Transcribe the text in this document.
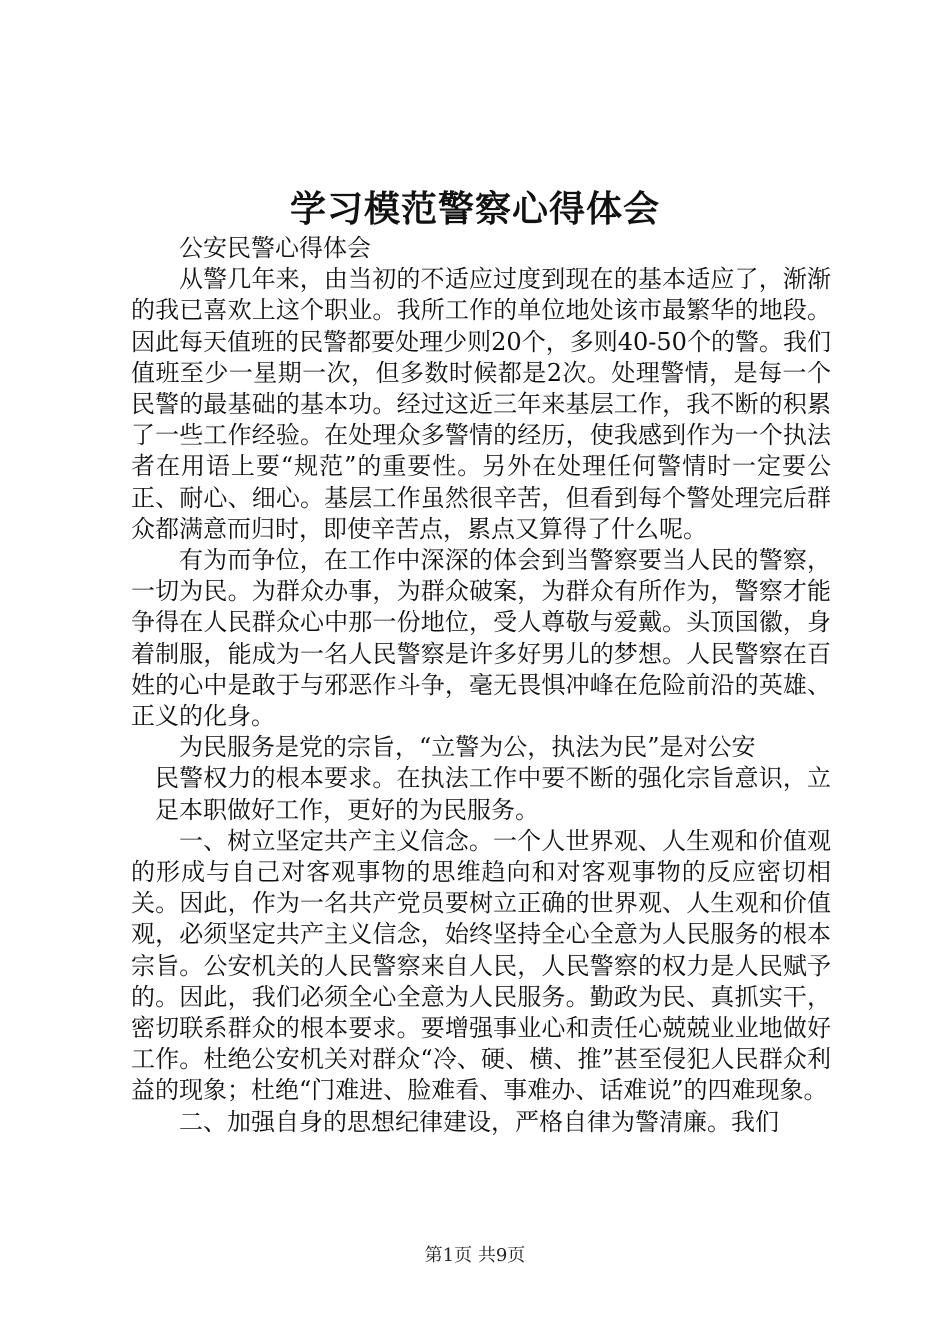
学习模范警察心得体会

公安民警心得体会

从警几年来，由当初的不适应过度到现在的基本适应了，渐渐的我已喜欢上这个职业。我所工作的单位地处该市最繁华的地段。因此每天值班的民警都要处理少则20个，多则40-50个的警。我们值班至少一星期一次，但多数时候都是2次。处理警情，是每一个民警的最基础的基本功。经过这近三年来基层工作，我不断的积累了一些工作经验。在处理众多警情的经历，使我感到作为一个执法者在用语上要“规范”的重要性。另外在处理任何警情时一定要公正、耐心、细心。基层工作虽然很辛苦，但看到每个警处理完后群众都满意而归时，即使辛苦点，累点又算得了什么呢。

有为而争位，在工作中深深的体会到当警察要当人民的警察，一切为民。为群众办事，为群众破案，为群众有所作为，警察才能争得在人民群众心中那一份地位，受人尊敬与爱戴。头顶国徽，身着制服，能成为一名人民警察是许多好男儿的梦想。人民警察在百姓的心中是敢于与邪恶作斗争，毫无畏惧冲峰在危险前沿的英雄、正义的化身。

为民服务是党的宗旨，“立警为公，执法为民”是对公安

民警权力的根本要求。在执法工作中要不断的强化宗旨意识，立足本职做好工作，更好的为民服务。

一、树立坚定共产主义信念。一个人世界观、人生观和价值观的形成与自己对客观事物的思维趋向和对客观事物的反应密切相关。因此，作为一名共产党员要树立正确的世界观、人生观和价值观，必须坚定共产主义信念，始终坚持全心全意为人民服务的根本宗旨。公安机关的人民警察来自人民，人民警察的权力是人民赋予的。因此，我们必须全心全意为人民服务。勤政为民、真抓实干，密切联系群众的根本要求。要增强事业心和责任心兢兢业业地做好工作。杜绝公安机关对群众“冷、硬、横、推”甚至侵犯人民群众利益的现象；杜绝“门难进、脸难看、事难办、话难说”的四难现象。

二、加强自身的思想纪律建设，严格自律为警清廉。我们

第1页 共9页
